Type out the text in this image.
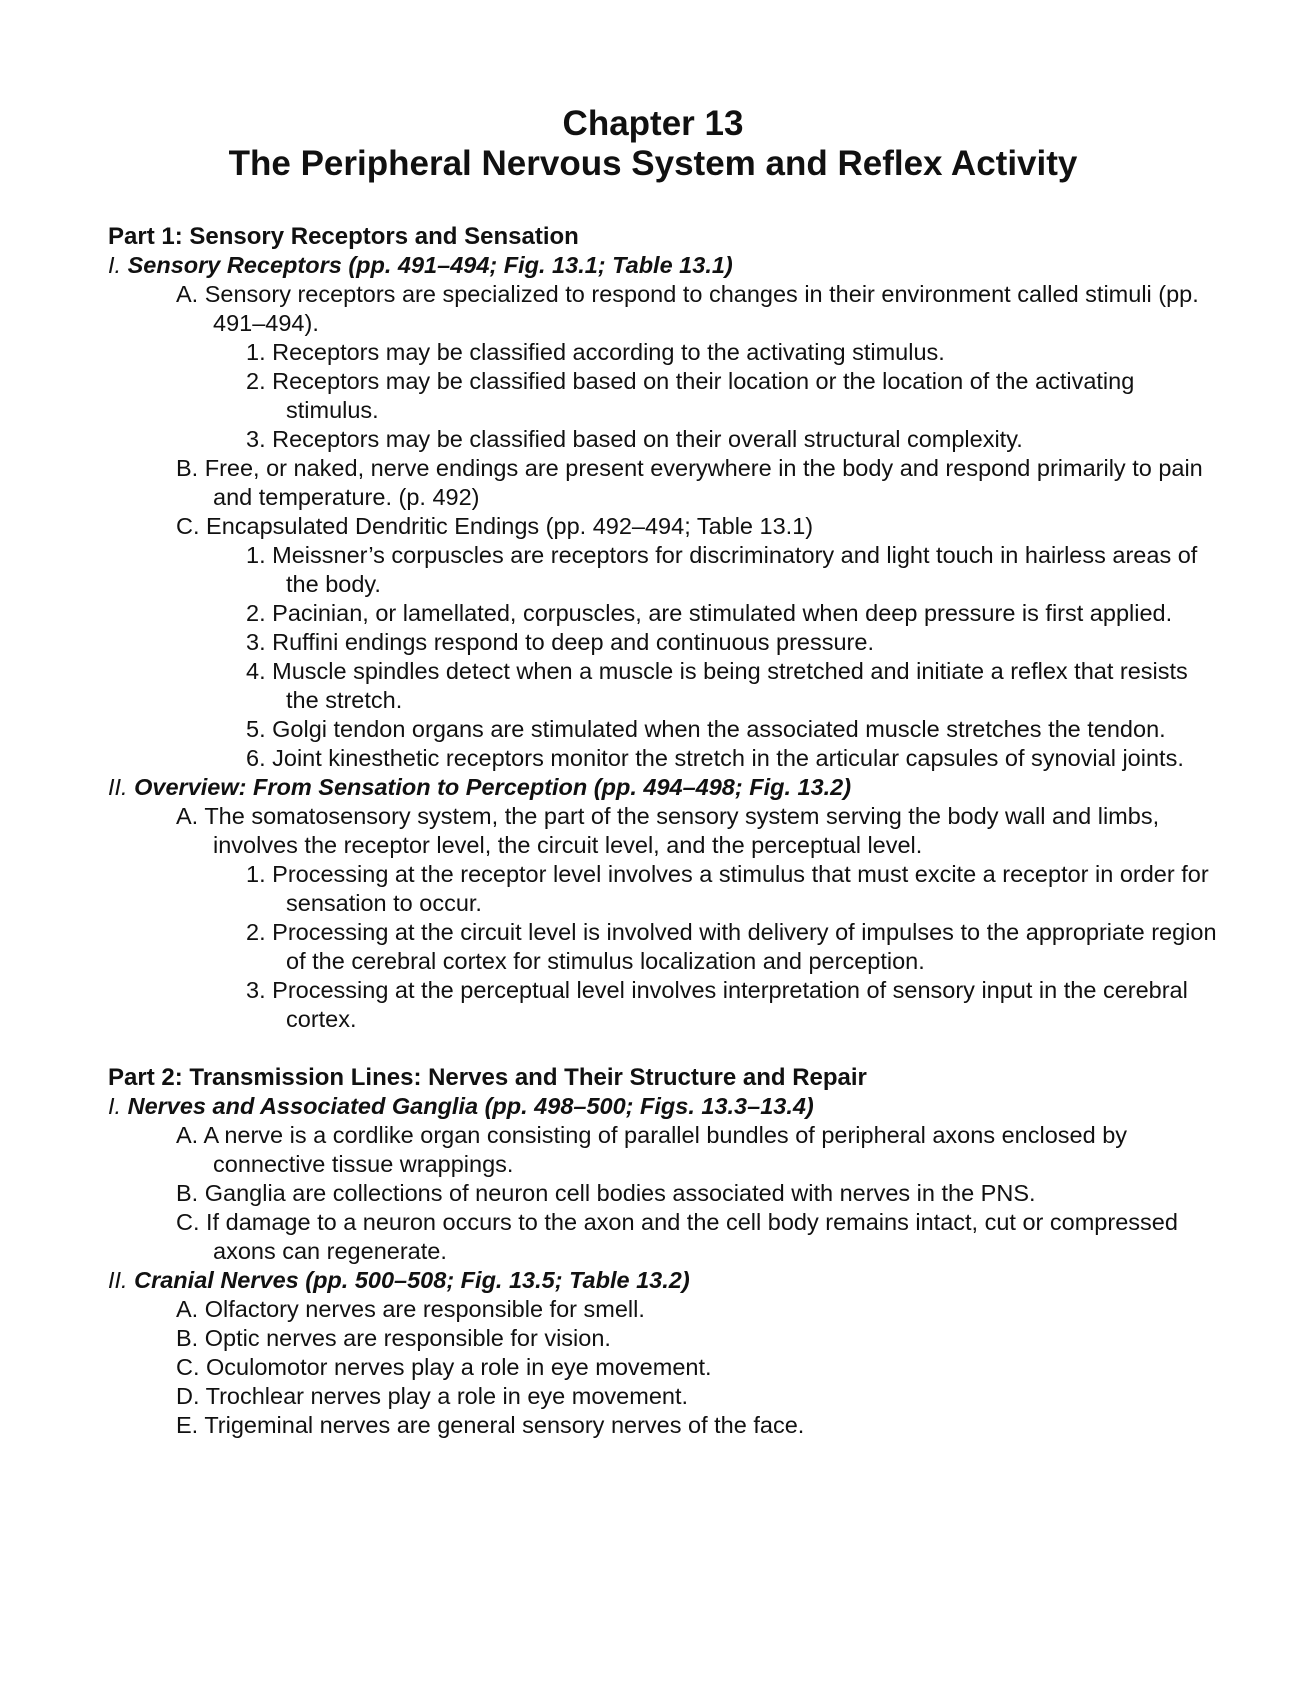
Chapter 13
The Peripheral Nervous System and Reflex Activity
Part 1: Sensory Receptors and Sensation
I. Sensory Receptors (pp. 491–494; Fig. 13.1; Table 13.1)
A. Sensory receptors are specialized to respond to changes in their environment called stimuli (pp. 491–494).
1. Receptors may be classified according to the activating stimulus.
2. Receptors may be classified based on their location or the location of the activating stimulus.
3. Receptors may be classified based on their overall structural complexity.
B. Free, or naked, nerve endings are present everywhere in the body and respond primarily to pain and temperature. (p. 492)
C. Encapsulated Dendritic Endings (pp. 492–494; Table 13.1)
1. Meissner’s corpuscles are receptors for discriminatory and light touch in hairless areas of the body.
2. Pacinian, or lamellated, corpuscles, are stimulated when deep pressure is first applied.
3. Ruffini endings respond to deep and continuous pressure.
4. Muscle spindles detect when a muscle is being stretched and initiate a reflex that resists the stretch.
5. Golgi tendon organs are stimulated when the associated muscle stretches the tendon.
6. Joint kinesthetic receptors monitor the stretch in the articular capsules of synovial joints.
II. Overview: From Sensation to Perception (pp. 494–498; Fig. 13.2)
A. The somatosensory system, the part of the sensory system serving the body wall and limbs, involves the receptor level, the circuit level, and the perceptual level.
1. Processing at the receptor level involves a stimulus that must excite a receptor in order for sensation to occur.
2. Processing at the circuit level is involved with delivery of impulses to the appropriate region of the cerebral cortex for stimulus localization and perception.
3. Processing at the perceptual level involves interpretation of sensory input in the cerebral cortex.
Part 2: Transmission Lines: Nerves and Their Structure and Repair
I. Nerves and Associated Ganglia (pp. 498–500; Figs. 13.3–13.4)
A. A nerve is a cordlike organ consisting of parallel bundles of peripheral axons enclosed by connective tissue wrappings.
B. Ganglia are collections of neuron cell bodies associated with nerves in the PNS.
C. If damage to a neuron occurs to the axon and the cell body remains intact, cut or compressed axons can regenerate.
II. Cranial Nerves (pp. 500–508; Fig. 13.5; Table 13.2)
A. Olfactory nerves are responsible for smell.
B. Optic nerves are responsible for vision.
C. Oculomotor nerves play a role in eye movement.
D. Trochlear nerves play a role in eye movement.
E. Trigeminal nerves are general sensory nerves of the face.
